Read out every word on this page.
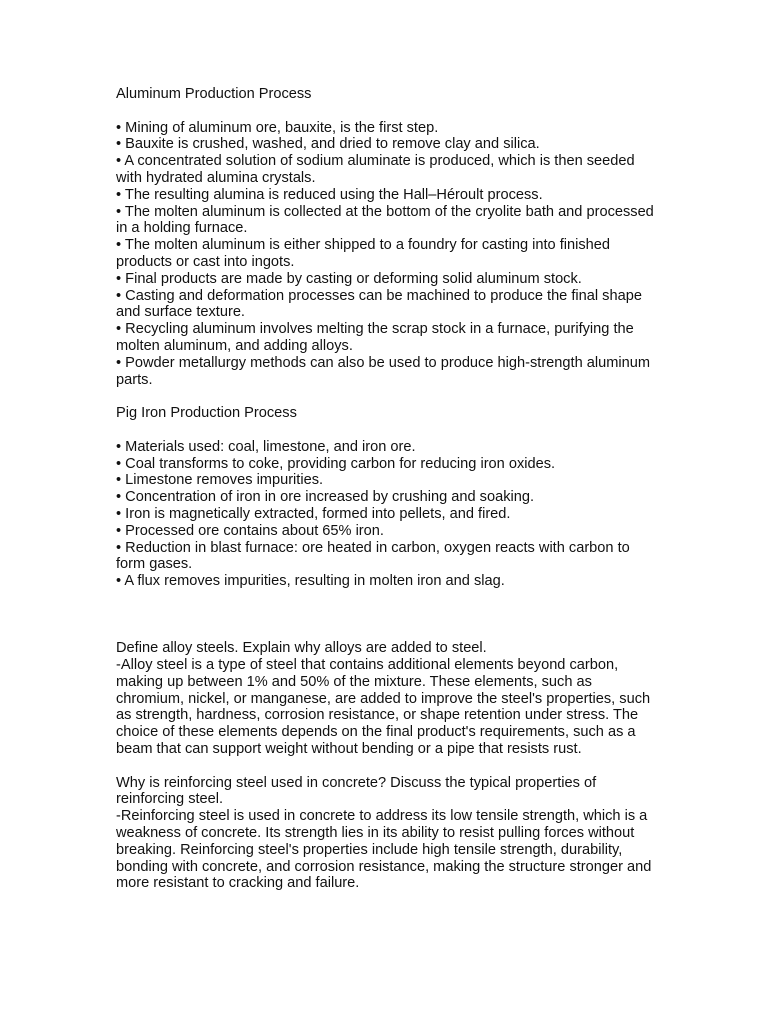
Aluminum Production Process

• Mining of aluminum ore, bauxite, is the first step.

• Bauxite is crushed, washed, and dried to remove clay and silica.

• A concentrated solution of sodium aluminate is produced, which is then seeded with hydrated alumina crystals.

• The resulting alumina is reduced using the Hall–Héroult process.

• The molten aluminum is collected at the bottom of the cryolite bath and processed in a holding furnace.

• The molten aluminum is either shipped to a foundry for casting into finished products or cast into ingots.

• Final products are made by casting or deforming solid aluminum stock.

• Casting and deformation processes can be machined to produce the final shape and surface texture.

• Recycling aluminum involves melting the scrap stock in a furnace, purifying the molten aluminum, and adding alloys.

• Powder metallurgy methods can also be used to produce high-strength aluminum parts.

Pig Iron Production Process

• Materials used: coal, limestone, and iron ore.

• Coal transforms to coke, providing carbon for reducing iron oxides.

• Limestone removes impurities.

• Concentration of iron in ore increased by crushing and soaking.

• Iron is magnetically extracted, formed into pellets, and fired.

• Processed ore contains about 65% iron.

• Reduction in blast furnace: ore heated in carbon, oxygen reacts with carbon to form gases.

• A flux removes impurities, resulting in molten iron and slag.

Define alloy steels. Explain why alloys are added to steel.

-Alloy steel is a type of steel that contains additional elements beyond carbon, making up between 1% and 50% of the mixture. These elements, such as chromium, nickel, or manganese, are added to improve the steel's properties, such as strength, hardness, corrosion resistance, or shape retention under stress. The choice of these elements depends on the final product's requirements, such as a beam that can support weight without bending or a pipe that resists rust.

Why is reinforcing steel used in concrete? Discuss the typical properties of reinforcing steel.

-Reinforcing steel is used in concrete to address its low tensile strength, which is a weakness of concrete. Its strength lies in its ability to resist pulling forces without breaking. Reinforcing steel's properties include high tensile strength, durability, bonding with concrete, and corrosion resistance, making the structure stronger and more resistant to cracking and failure.
